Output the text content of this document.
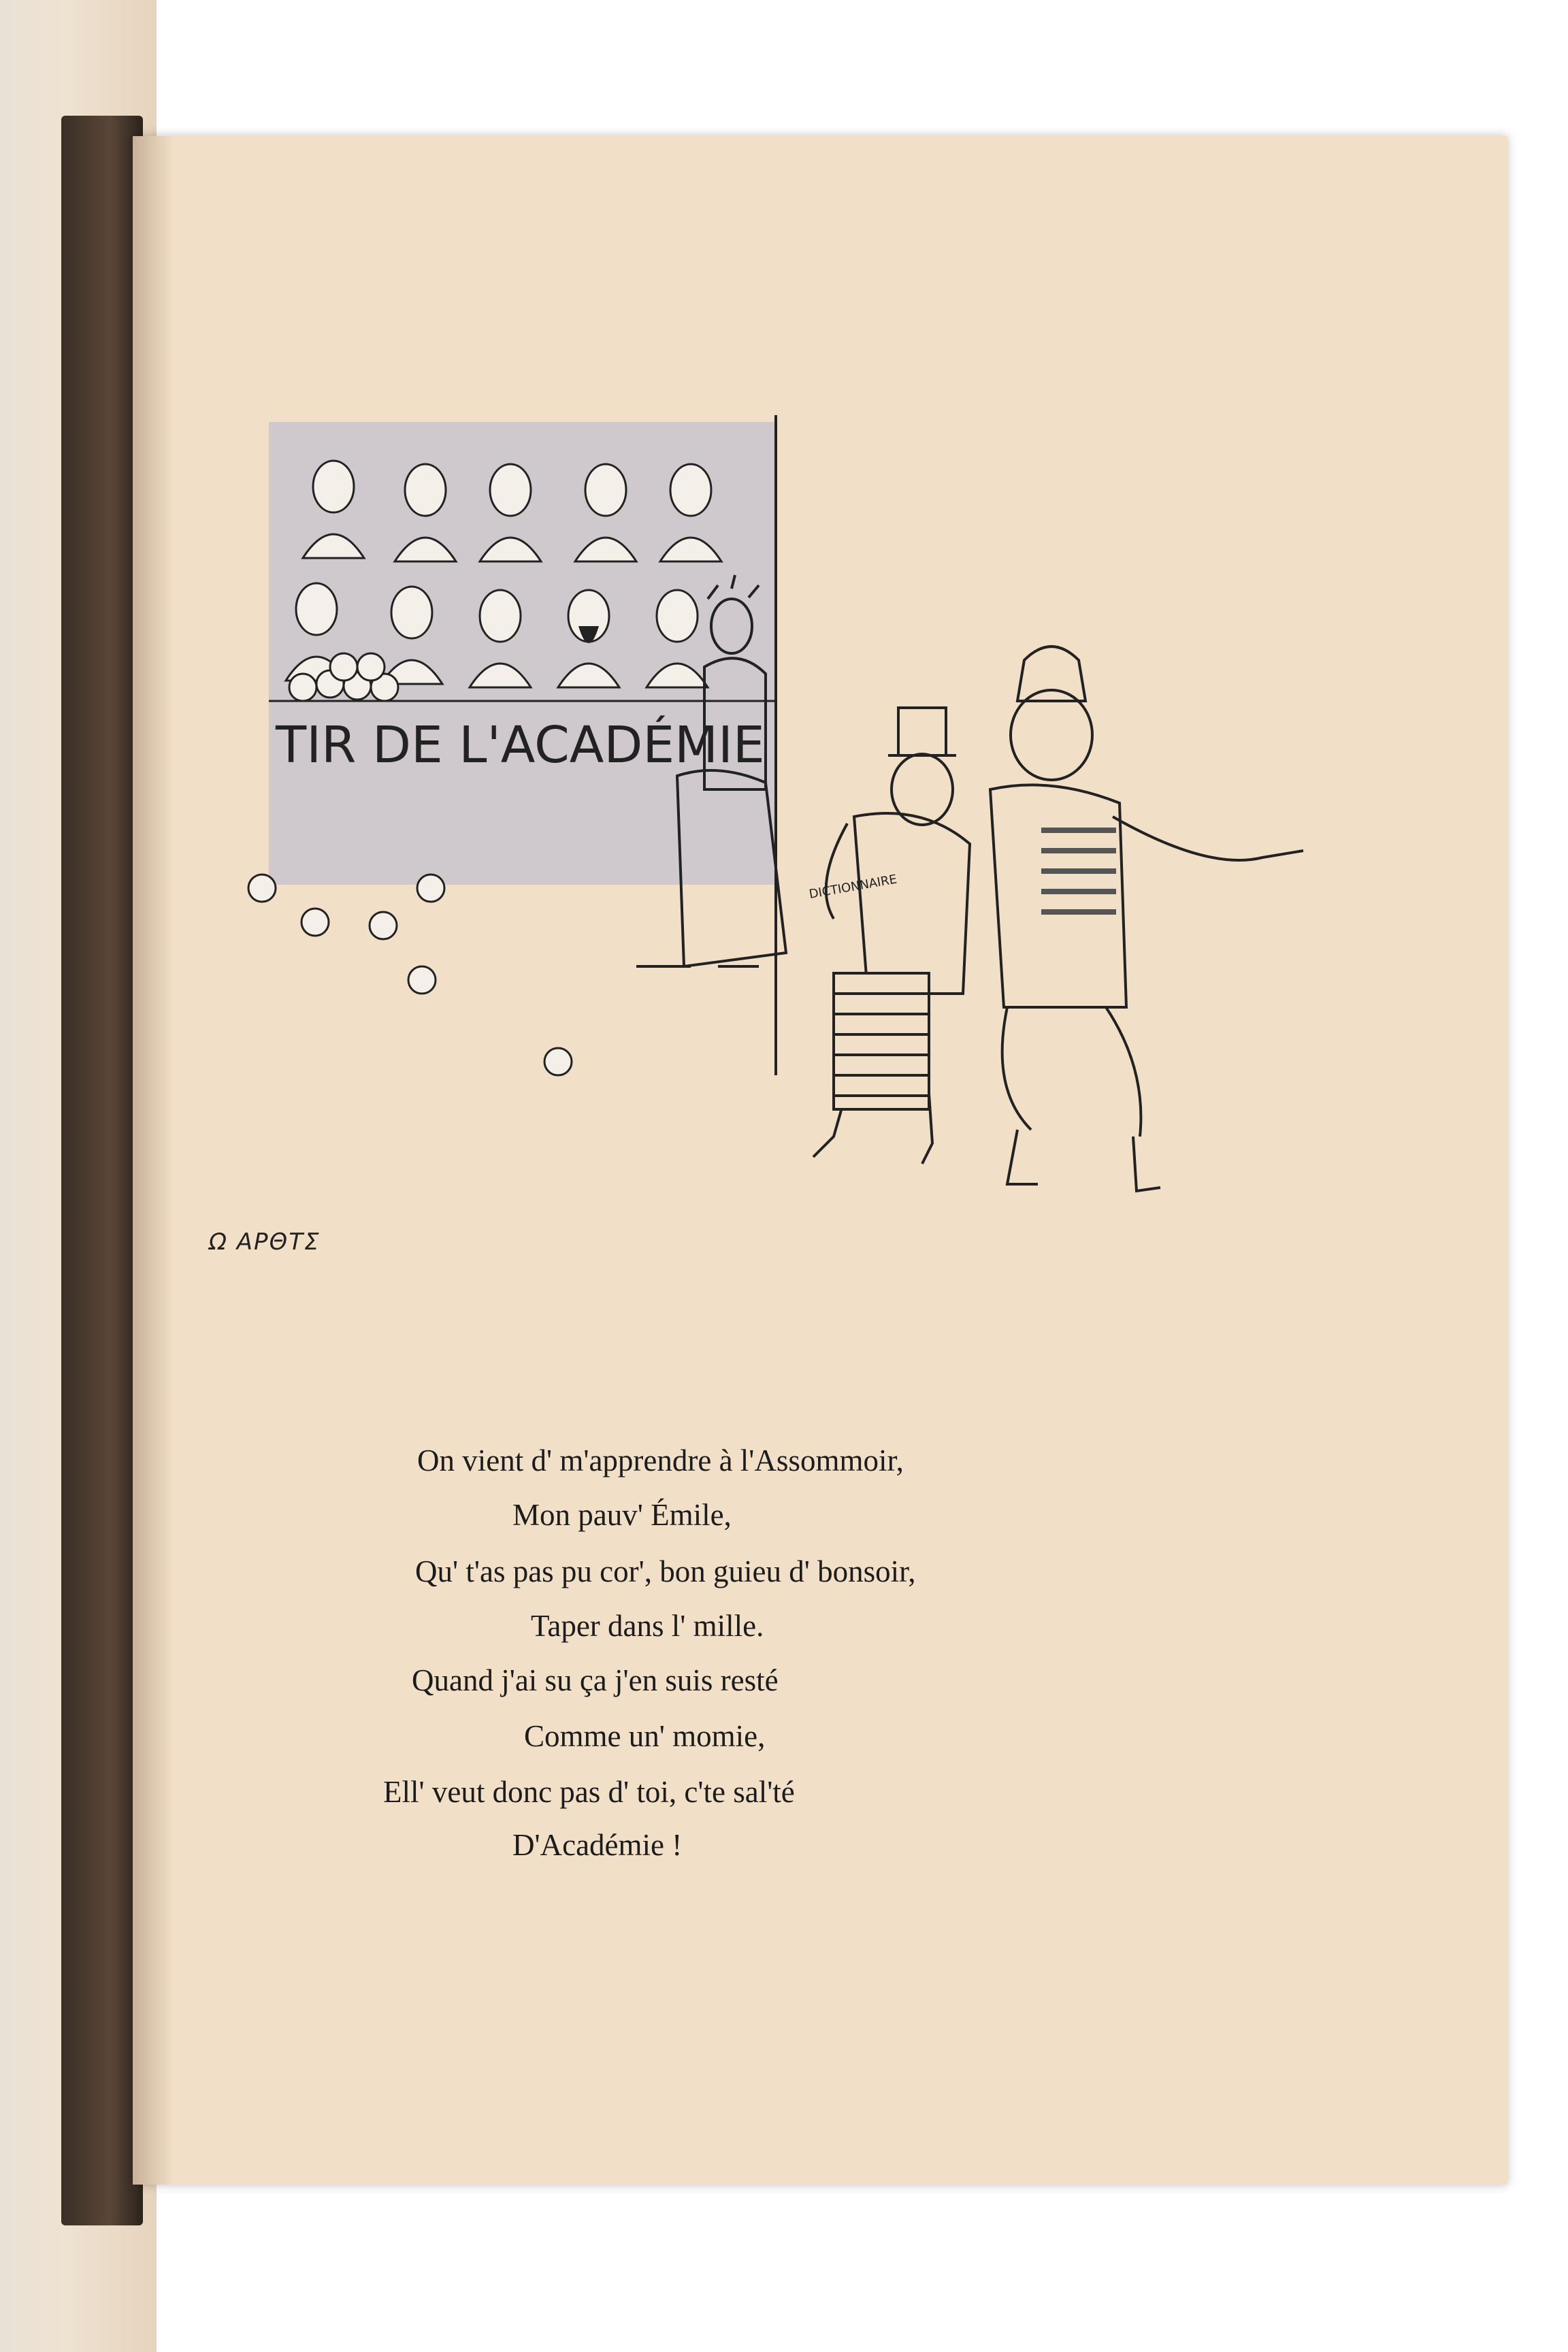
TIR DE L'ACADÉMIE
DICTIONNAIRE
Ω ΑΡΘΤΣ
On vient d' m'apprendre à l'Assommoir,
Mon pauv' Émile,
Qu' t'as pas pu cor', bon guieu d' bonsoir,
Taper dans l' mille.
Quand j'ai su ça j'en suis resté
Comme un' momie,
Ell' veut donc pas d' toi, c'te sal'té
D'Académie !
